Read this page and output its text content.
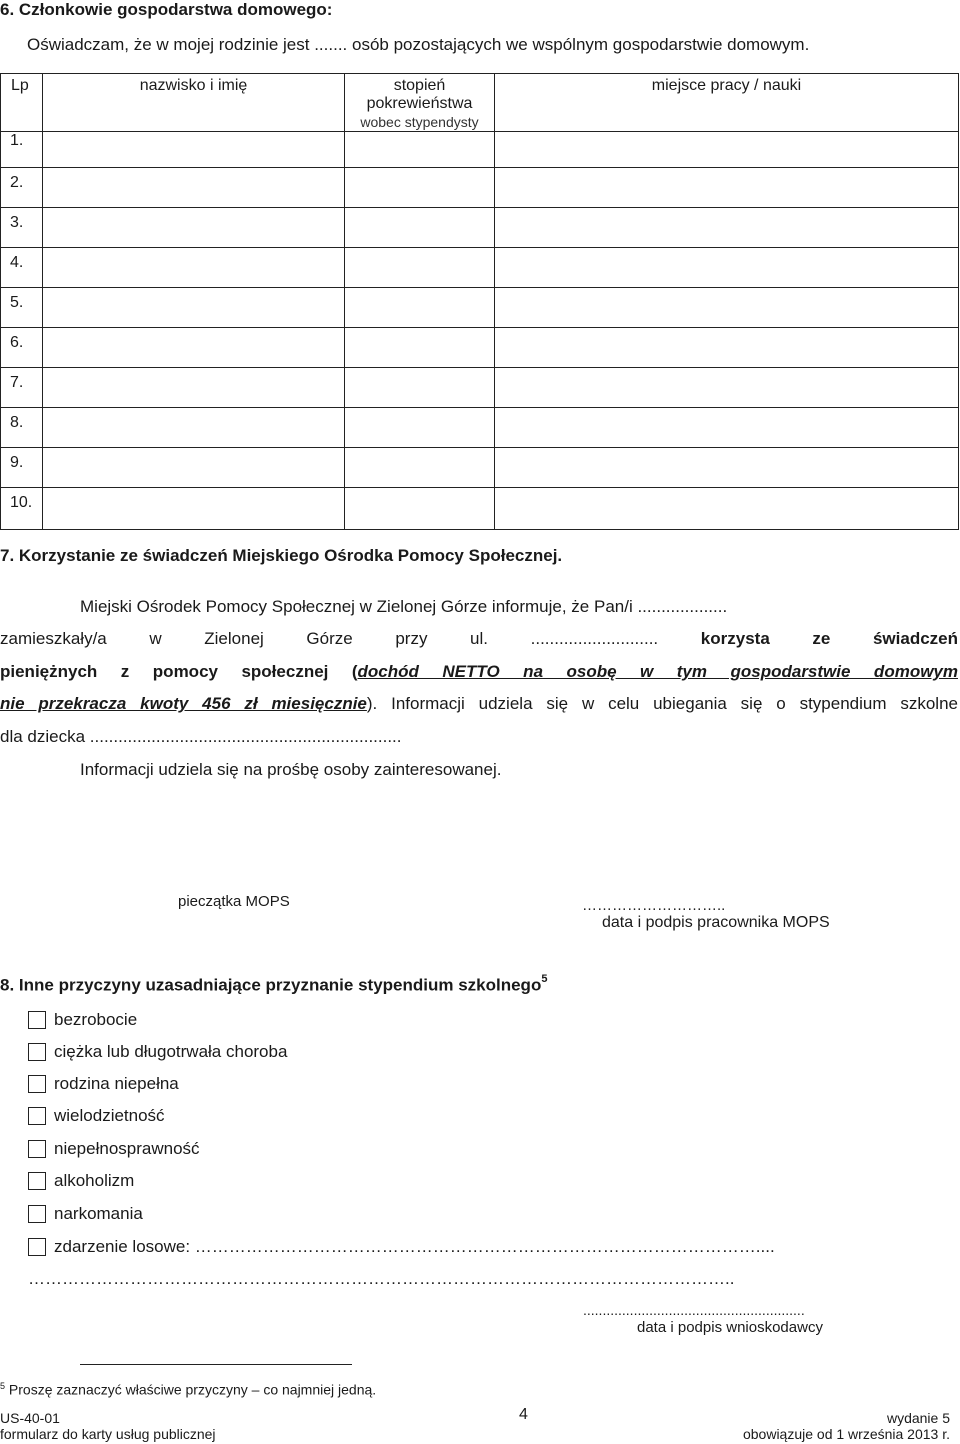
6. Członkowie gospodarstwa domowego:
Oświadczam, że w mojej rodzinie jest ....... osób pozostających we wspólnym gospodarstwie domowym.
Lp	nazwisko i imię	stopień
pokrewieństwa
wobec stypendysty	miejsce pracy / nauki
1.			
2.			
3.			
4.			
5.			
6.			
7.			
8.			
9.			
10.			
7. Korzystanie ze świadczeń Miejskiego Ośrodka Pomocy Społecznej.
Miejski Ośrodek Pomocy Społecznej w Zielonej Górze informuje, że Pan/i ...................
zamieszkały/a w Zielonej Górze przy ul. ...........................	korzysta ze świadczeń
pieniężnych z pomocy społecznej (dochód NETTO na osobę w tym gospodarstwie domowym
nie przekracza kwoty 456 zł miesięcznie). Informacji udziela się w celu ubiegania się o stypendium szkolne
dla dziecka ..................................................................
Informacji udziela się na prośbę osoby zainteresowanej.
pieczątka MOPS	………………………..
data i podpis pracownika MOPS
8. Inne przyczyny uzasadniające przyznanie stypendium szkolnego$^5$
bezrobocie
ciężka lub długotrwała choroba
rodzina niepełna
wielodzietność
niepełnosprawność
alkoholizm
narkomania
zdarzenie losowe: ………………………………………………………………………………………....
……………………………………………………………………………………………………………..
.........................................................
data i podpis wnioskodawcy
$^5$ Proszę zaznaczyć właściwe przyczyny – co najmniej jedną.
US-40-01
formularz do karty usług publicznej
4	wydanie 5
obowiązuje od 1 września 2013 r.
